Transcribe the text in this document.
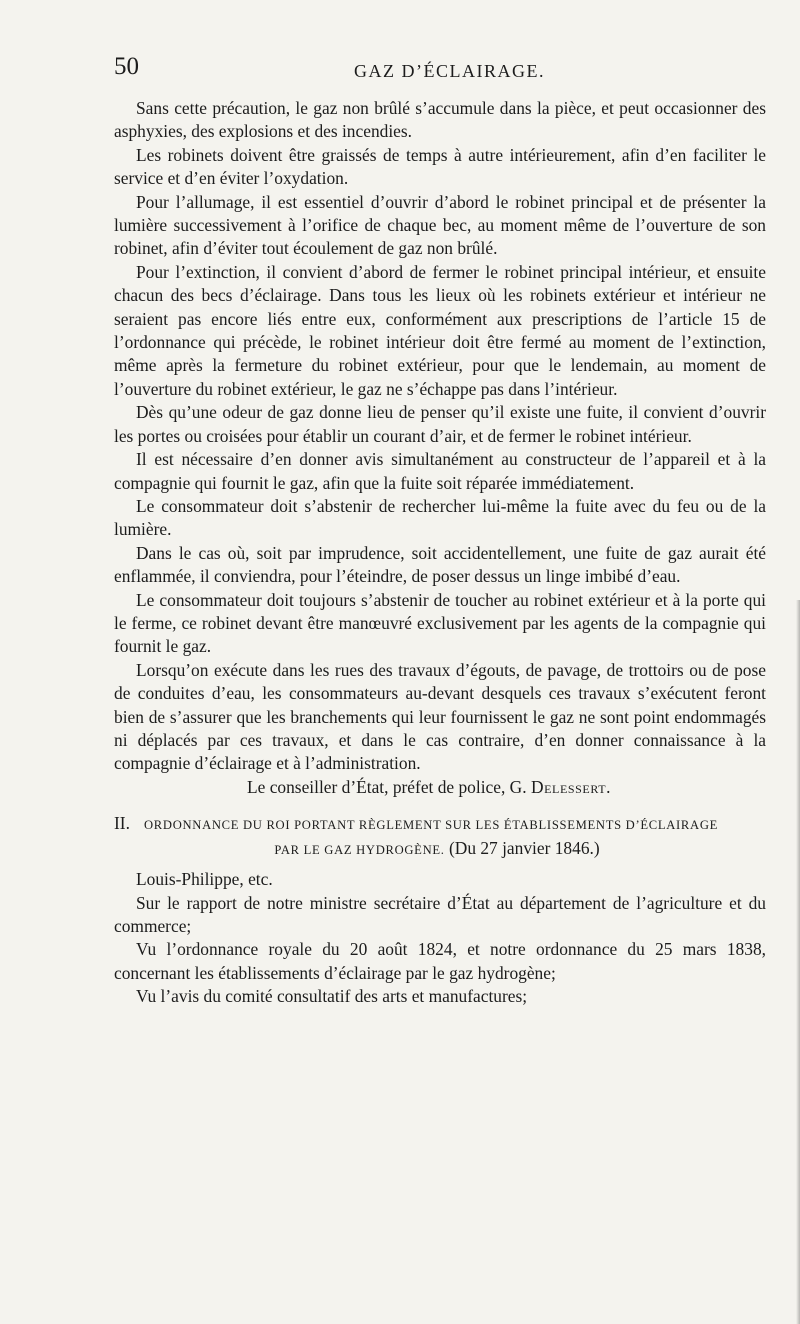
50	GAZ D’ÉCLAIRAGE.

Sans cette précaution, le gaz non brûlé s’accumule dans la pièce, et peut occasionner des asphyxies, des explosions et des incendies.

Les robinets doivent être graissés de temps à autre intérieurement, afin d’en faciliter le service et d’en éviter l’oxydation.

Pour l’allumage, il est essentiel d’ouvrir d’abord le robinet principal et de présenter la lumière successivement à l’orifice de chaque bec, au moment même de l’ouverture de son robinet, afin d’éviter tout écoulement de gaz non brûlé.

Pour l’extinction, il convient d’abord de fermer le robinet principal intérieur, et ensuite chacun des becs d’éclairage. Dans tous les lieux où les robinets extérieur et intérieur ne seraient pas encore liés entre eux, conformément aux prescriptions de l’article 15 de l’ordonnance qui précède, le robinet intérieur doit être fermé au moment de l’extinction, même après la fermeture du robinet extérieur, pour que le lendemain, au moment de l’ouverture du robinet extérieur, le gaz ne s’échappe pas dans l’intérieur.

Dès qu’une odeur de gaz donne lieu de penser qu’il existe une fuite, il convient d’ouvrir les portes ou croisées pour établir un courant d’air, et de fermer le robinet intérieur.

Il est nécessaire d’en donner avis simultanément au constructeur de l’appareil et à la compagnie qui fournit le gaz, afin que la fuite soit réparée immédiatement.

Le consommateur doit s’abstenir de rechercher lui-même la fuite avec du feu ou de la lumière.

Dans le cas où, soit par imprudence, soit accidentellement, une fuite de gaz aurait été enflammée, il conviendra, pour l’éteindre, de poser dessus un linge imbibé d’eau.

Le consommateur doit toujours s’abstenir de toucher au robinet extérieur et à la porte qui le ferme, ce robinet devant être manœuvré exclusivement par les agents de la compagnie qui fournit le gaz.

Lorsqu’on exécute dans les rues des travaux d’égouts, de pavage, de trottoirs ou de pose de conduites d’eau, les consommateurs au-devant desquels ces travaux s’exécutent feront bien de s’assurer que les branchements qui leur fournissent le gaz ne sont point endommagés ni déplacés par ces travaux, et dans le cas contraire, d’en donner connaissance à la compagnie d’éclairage et à l’administration.

Le conseiller d’État, préfet de police, G. Delessert.

II. ORDONNANCE DU ROI PORTANT RÈGLEMENT SUR LES ÉTABLISSEMENTS D’ÉCLAIRAGE
PAR LE GAZ HYDROGÈNE. (Du 27 janvier 1846.)

Louis-Philippe, etc.

Sur le rapport de notre ministre secrétaire d’État au département de l’agriculture et du commerce;

Vu l’ordonnance royale du 20 août 1824, et notre ordonnance du 25 mars 1838, concernant les établissements d’éclairage par le gaz hydrogène;

Vu l’avis du comité consultatif des arts et manufactures;
